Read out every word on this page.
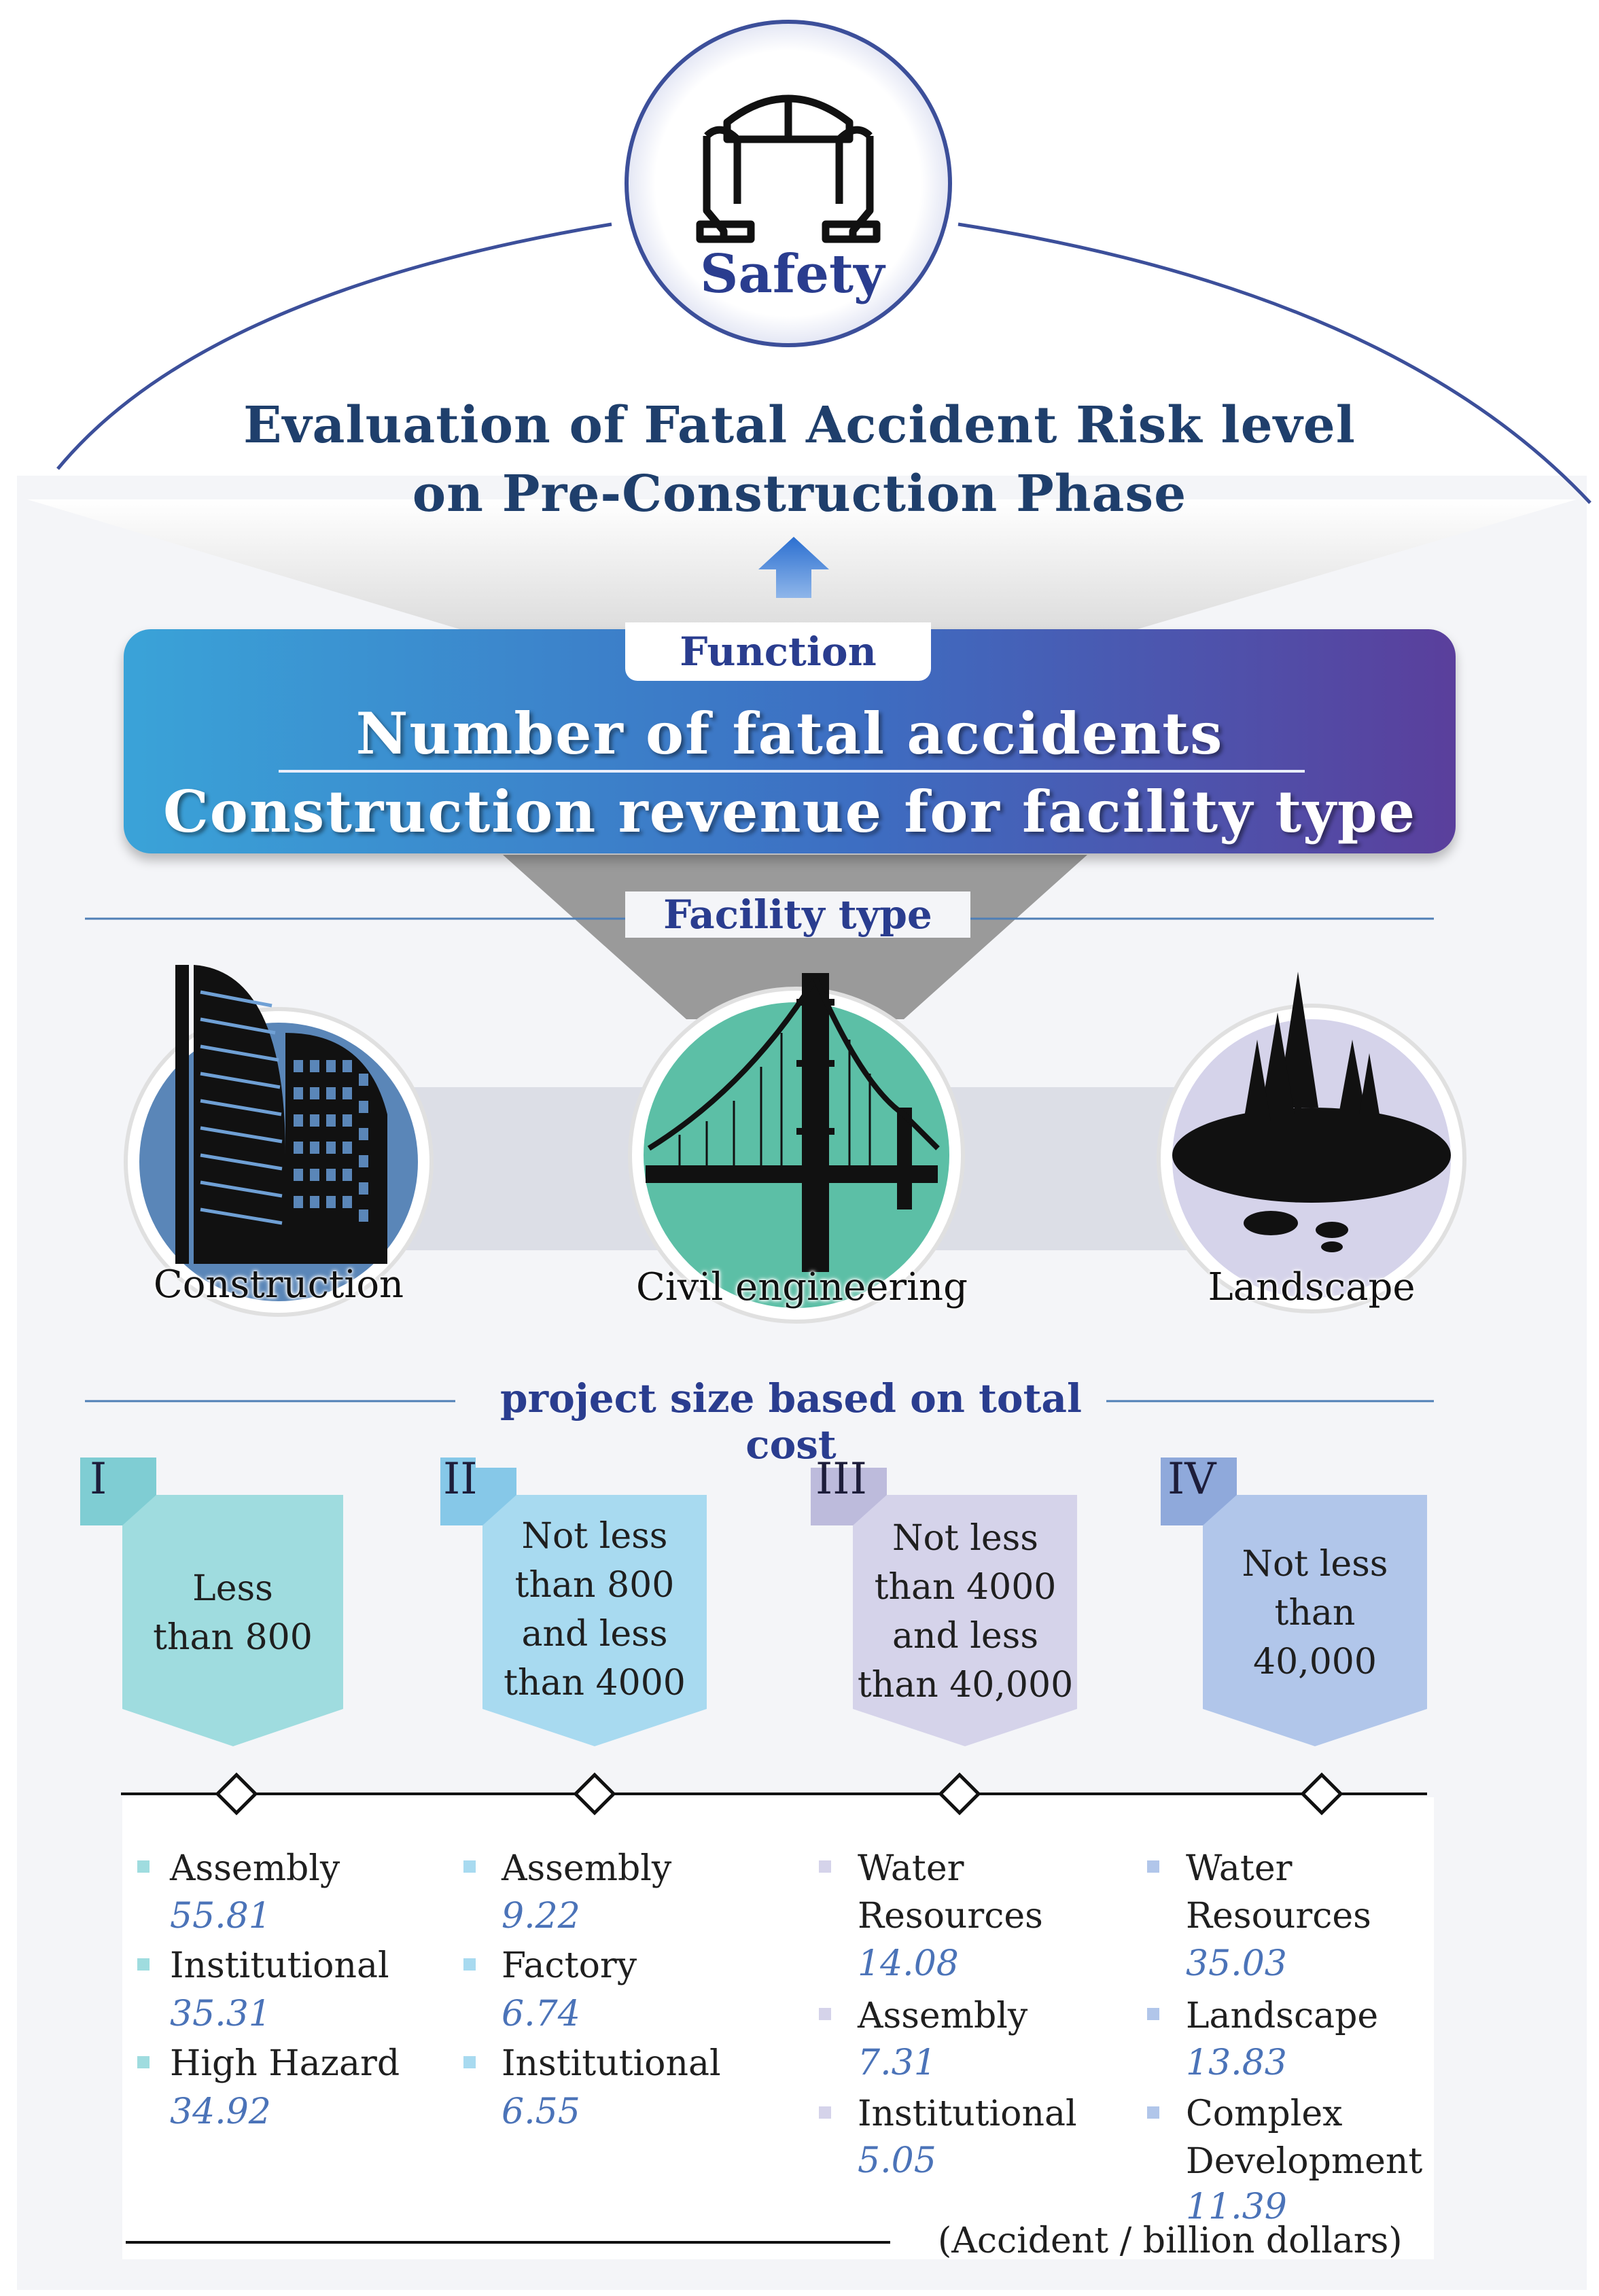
Safety
Evaluation of Fatal Accident Risk level
on Pre-Construction Phase
Function
Number of fatal accidents
Construction revenue for facility type
Facility type
Construction	Civil engineering	Landscape
project size based on total cost
I	II	III	IV
Less
than 800
Not less
than 800
and less
than 4000
Not less
than 4000
and less
than 40,000
Not less
than
40,000
Assembly
55.81
Institutional
35.31
High Hazard
34.92
Assembly
9.22
Factory
6.74
Institutional
6.55
Water
Resources
14.08
Assembly
7.31
Institutional
5.05
Water
Resources
35.03
Landscape
13.83
Complex
Development
11.39
(Accident / billion dollars)
